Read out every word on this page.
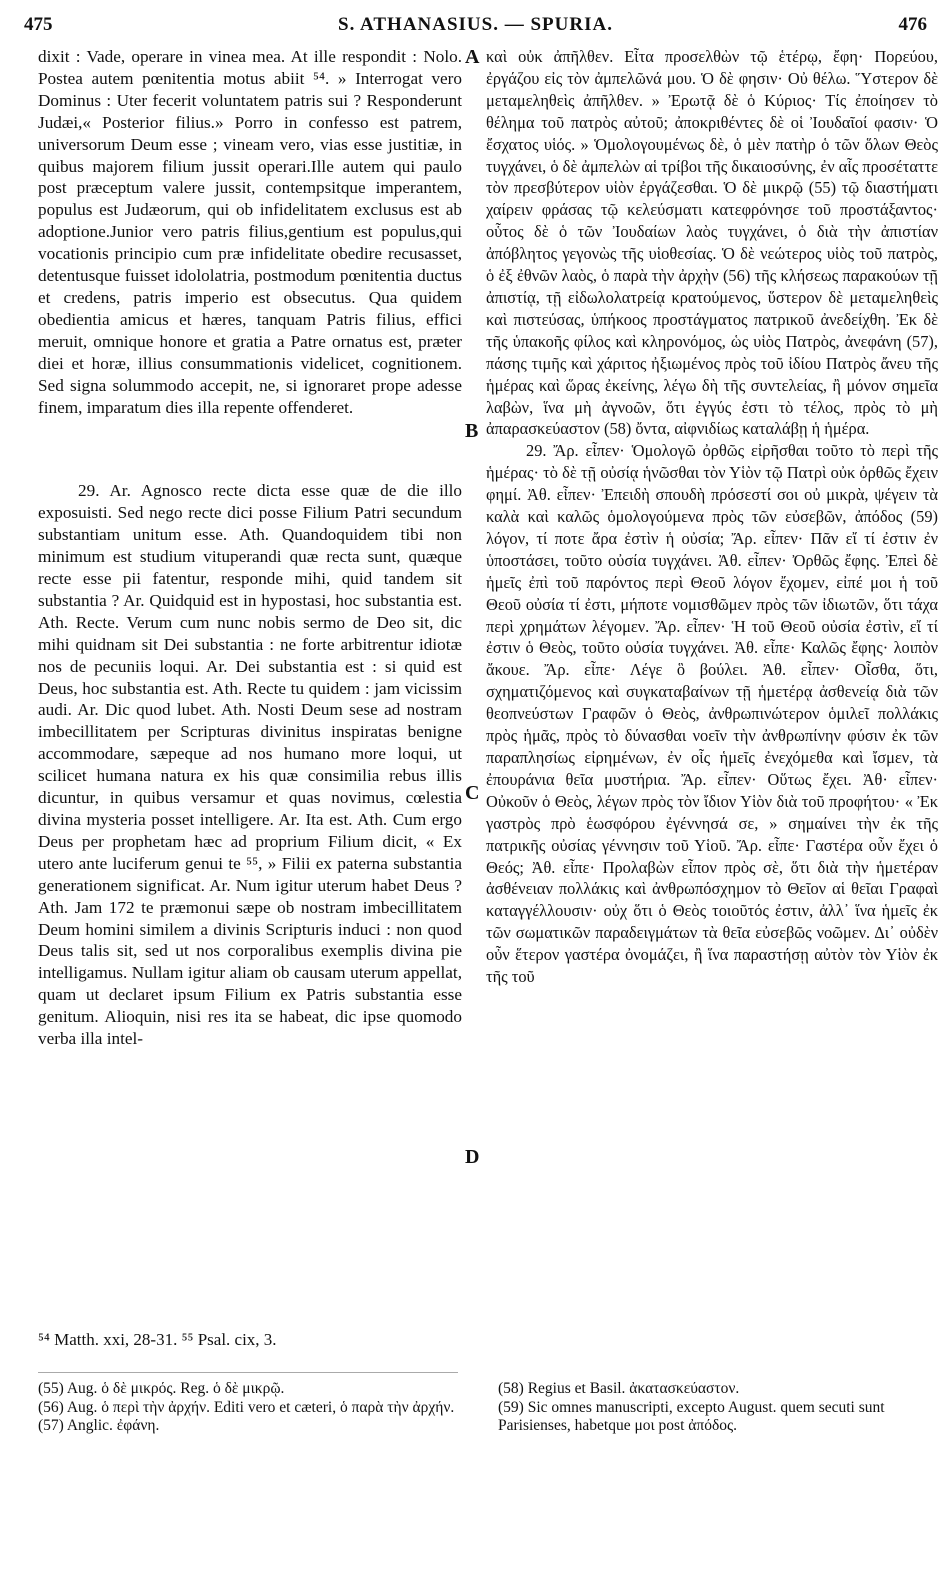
475	S. ATHANASIUS. — SPURIA.	476

dixit : Vade, operare in vinea mea. At ille respondit : Nolo. Postea autem pœnitentia motus abiit ⁵⁴. » Interrogat vero Dominus : Uter fecerit voluntatem patris sui ? Responderunt Judæi,« Posterior filius.» Porro in confesso est patrem, universorum Deum esse ; vineam vero, vias esse justitiæ, in quibus majorem filium jussit operari.Ille autem qui paulo post præceptum valere jussit, contempsitque imperantem, populus est Judæorum, qui ob infidelitatem exclusus est ab adoptione.Junior vero patris filius,gentium est populus,qui vocationis principio cum præ infidelitate obedire recusasset, detentusque fuisset idololatria, postmodum pœnitentia ductus et credens, patris imperio est obsecutus. Qua quidem obedientia amicus et hæres, tanquam Patris filius, effici meruit, omnique honore et gratia a Patre ornatus est, præter diei et horæ, illius consummationis videlicet, cognitionem. Sed signa solummodo accepit, ne, si ignoraret prope adesse finem, imparatum dies illa repente offenderet.

29. Ar. Agnosco recte dicta esse quæ de die illo exposuisti. Sed nego recte dici posse Filium Patri secundum substantiam unitum esse. Ath. Quandoquidem tibi non minimum est studium vituperandi quæ recta sunt, quæque recte esse pii fatentur, responde mihi, quid tandem sit substantia ? Ar. Quidquid est in hypostasi, hoc substantia est. Ath. Recte. Verum cum nunc nobis sermo de Deo sit, dic mihi quidnam sit Dei substantia : ne forte arbitrentur idiotæ nos de pecuniis loqui. Ar. Dei substantia est : si quid est Deus, hoc substantia est. Ath. Recte tu quidem : jam vicissim audi. Ar. Dic quod lubet. Ath. Nosti Deum sese ad nostram imbecillitatem per Scripturas divinitus inspiratas benigne accommodare, sæpeque ad nos humano more loqui, ut scilicet humana natura ex his quæ consimilia rebus illis dicuntur, in quibus versamur et quas novimus, cœlestia divina mysteria posset intelligere. Ar. Ita est. Ath. Cum ergo Deus per prophetam hæc ad proprium Filium dicit, « Ex utero ante luciferum genui te ⁵⁵, » Filii ex paterna substantia generationem significat. Ar. Num igitur uterum habet Deus ? Ath. Jam 172 te præmonui sæpe ob nostram imbecillitatem Deum homini similem a divinis Scripturis induci : non quod Deus talis sit, sed ut nos corporalibus exemplis divina pie intelligamus. Nullam igitur aliam ob causam uterum appellat, quam ut declaret ipsum Filium ex Patris substantia esse genitum. Alioquin, nisi res ita se habeat, dic ipse quomodo verba illa intel-

A
B
C
D

καὶ οὐκ ἀπῆλθεν. Εἶτα προσελθὼν τῷ ἑτέρῳ, ἔφη· Πορεύου, ἐργάζου εἰς τὸν ἀμπελῶνά μου. Ὁ δὲ φησιν· Οὐ θέλω. Ὕστερον δὲ μεταμεληθεὶς ἀπῆλθεν. » Ἐρωτᾷ δὲ ὁ Κύριος· Τίς ἐποίησεν τὸ θέλημα τοῦ πατρὸς αὐτοῦ; ἀποκριθέντες δὲ οἱ Ἰουδαῖοί φασιν· Ὁ ἔσχατος υἱός. » Ὁμολογουμένως δὲ, ὁ μὲν πατὴρ ὁ τῶν ὅλων Θεὸς τυγχάνει, ὁ δὲ ἀμπελὼν αἱ τρίβοι τῆς δικαιοσύνης, ἐν αἷς προσέταττε τὸν πρεσβύτερον υἱὸν ἐργάζεσθαι. Ὁ δὲ μικρῷ (55) τῷ διαστήματι χαίρειν φράσας τῷ κελεύσματι κατεφρόνησε τοῦ προστάξαντος· οὗτος δὲ ὁ τῶν Ἰουδαίων λαὸς τυγχάνει, ὁ διὰ τὴν ἀπιστίαν ἀπόβλητος γεγονὼς τῆς υἱοθεσίας. Ὁ δὲ νεώτερος υἱὸς τοῦ πατρὸς, ὁ ἐξ ἐθνῶν λαὸς, ὁ παρὰ τὴν ἀρχὴν (56) τῆς κλήσεως παρακούων τῇ ἀπιστίᾳ, τῇ εἰδωλολατρείᾳ κρατούμενος, ὕστερον δὲ μεταμεληθεὶς καὶ πιστεύσας, ὑπήκοος προστάγματος πατρικοῦ ἀνεδείχθη. Ἐκ δὲ τῆς ὑπακοῆς φίλος καὶ κληρονόμος, ὡς υἱὸς Πατρὸς, ἀνεφάνη (57), πάσης τιμῆς καὶ χάριτος ἠξιωμένος πρὸς τοῦ ἰδίου Πατρὸς ἄνευ τῆς ἡμέρας καὶ ὥρας ἐκείνης, λέγω δὴ τῆς συντελείας, ἢ μόνον σημεῖα λαβὼν, ἵνα μὴ ἀγνοῶν, ὅτι ἐγγύς ἐστι τὸ τέλος, πρὸς τὸ μὴ ἀπαρασκεύαστον (58) ὄντα, αἰφνιδίως καταλάβῃ ἡ ἡμέρα.

29. Ἄρ. εἶπεν· Ὁμολογῶ ὀρθῶς εἰρῆσθαι τοῦτο τὸ περὶ τῆς ἡμέρας· τὸ δὲ τῇ οὐσίᾳ ἡνῶσθαι τὸν Υἱὸν τῷ Πατρὶ οὐκ ὀρθῶς ἔχειν φημί. Ἀθ. εἶπεν· Ἐπειδὴ σπουδὴ πρόσεστί σοι οὐ μικρὰ, ψέγειν τὰ καλὰ καὶ καλῶς ὁμολογούμενα πρὸς τῶν εὐσεβῶν, ἀπόδος (59) λόγον, τί ποτε ἄρα ἐστὶν ἡ οὐσία; Ἄρ. εἶπεν· Πᾶν εἴ τί ἐστιν ἐν ὑποστάσει, τοῦτο οὐσία τυγχάνει. Ἀθ. εἶπεν· Ὀρθῶς ἔφης. Ἐπεὶ δὲ ἡμεῖς ἐπὶ τοῦ παρόντος περὶ Θεοῦ λόγον ἔχομεν, εἰπέ μοι ἡ τοῦ Θεοῦ οὐσία τί ἐστι, μήποτε νομισθῶμεν πρὸς τῶν ἰδιωτῶν, ὅτι τάχα περὶ χρημάτων λέγομεν. Ἄρ. εἶπεν· Ἡ τοῦ Θεοῦ οὐσία ἐστὶν, εἴ τί ἐστιν ὁ Θεὸς, τοῦτο οὐσία τυγχάνει. Ἀθ. εἶπε· Καλῶς ἔφης· λοιπὸν ἄκουε. Ἄρ. εἶπε· Λέγε ὃ βούλει. Ἀθ. εἶπεν· Οἶσθα, ὅτι, σχηματιζόμενος καὶ συγκαταβαίνων τῇ ἡμετέρᾳ ἀσθενείᾳ διὰ τῶν θεοπνεύστων Γραφῶν ὁ Θεὸς, ἀνθρωπινώτερον ὁμιλεῖ πολλάκις πρὸς ἡμᾶς, πρὸς τὸ δύνασθαι νοεῖν τὴν ἀνθρωπίνην φύσιν ἐκ τῶν παραπλησίως εἰρημένων, ἐν οἷς ἡμεῖς ἐνεχόμεθα καὶ ἴσμεν, τὰ ἐπουράνια θεῖα μυστήρια. Ἄρ. εἶπεν· Οὕτως ἔχει. Ἀθ· εἶπεν· Οὐκοῦν ὁ Θεὸς, λέγων πρὸς τὸν ἴδιον Υἱὸν διὰ τοῦ προφήτου· « Ἐκ γαστρὸς πρὸ ἑωσφόρου ἐγέννησά σε, » σημαίνει τὴν ἐκ τῆς πατρικῆς οὐσίας γέννησιν τοῦ Υἱοῦ. Ἄρ. εἶπε· Γαστέρα οὖν ἔχει ὁ Θεός; Ἀθ. εἶπε· Προλαβὼν εἶπον πρὸς σὲ, ὅτι διὰ τὴν ἡμετέραν ἀσθένειαν πολλάκις καὶ ἀνθρωπόσχημον τὸ Θεῖον αἱ θεῖαι Γραφαὶ καταγγέλλουσιν· οὐχ ὅτι ὁ Θεὸς τοιοῦτός ἐστιν, ἀλλ᾽ ἵνα ἡμεῖς ἐκ τῶν σωματικῶν παραδειγμάτων τὰ θεῖα εὐσεβῶς νοῶμεν. Δι᾽ οὐδὲν οὖν ἕτερον γαστέρα ὀνομάζει, ἢ ἵνα παραστήσῃ αὐτὸν τὸν Υἱὸν ἐκ τῆς τοῦ

⁵⁴ Matth. xxi, 28-31. ⁵⁵ Psal. cix, 3.

(55) Aug. ὁ δὲ μικρός. Reg. ὁ δὲ μικρῷ.

(56) Aug. ὁ περὶ τὴν ἀρχήν. Editi vero et cæteri, ὁ παρὰ τὴν ἀρχήν.

(57) Anglic. ἐφάνη.

(58) Regius et Basil. ἀκατασκεύαστον.

(59) Sic omnes manuscripti, excepto August. quem secuti sunt Parisienses, habetque μοι post ἀπόδος.
